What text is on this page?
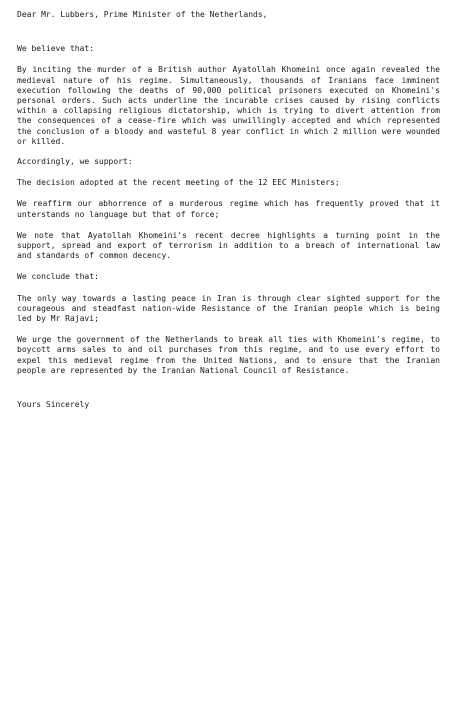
Dear Mr. Lubbers, Prime Minister of the Netherlands,

We believe that:

By inciting the murder of a British author Ayatollah Khomeini once again revealed the medieval nature of his regime. Simultaneously, thousands of Iranians face imminent execution following the deaths of 90,000 political prisoners executed on Khomeini's personal orders. Such acts underline the incurable crises caused by rising conflicts within a collapsing religious dictatorship, which is trying to divert attention from the consequences of a cease-fire which was unwillingly accepted and which represented the conclusion of a bloody and wasteful 8 year conflict in which 2 million were wounded or killed.

Accordingly, we support:

The decision adopted at the recent meeting of the 12 EEC Ministers;

We reaffirm our abhorrence of a murderous regime which has frequently proved that it unterstands no language but that of force;

We note that Ayatollah Khomeini's recent decree highlights a turning point in the support, spread and export of terrorism in addition to a breach of international law and standards of common decency.

We conclude that:

The only way towards a lasting peace in Iran is through clear sighted support for the courageous and steadfast nation-wide Resistance of the Iranian people which is being led by Mr Rajavi;

We urge the government of the Netherlands to break all ties with Khomeini's regime, to boycott arms sales to and oil purchases from this regime, and to use every effort to expel this medieval regime from the United Nations, and to ensure that the Iranian people are represented by the Iranian National Council of Resistance.

Yours Sincerely
